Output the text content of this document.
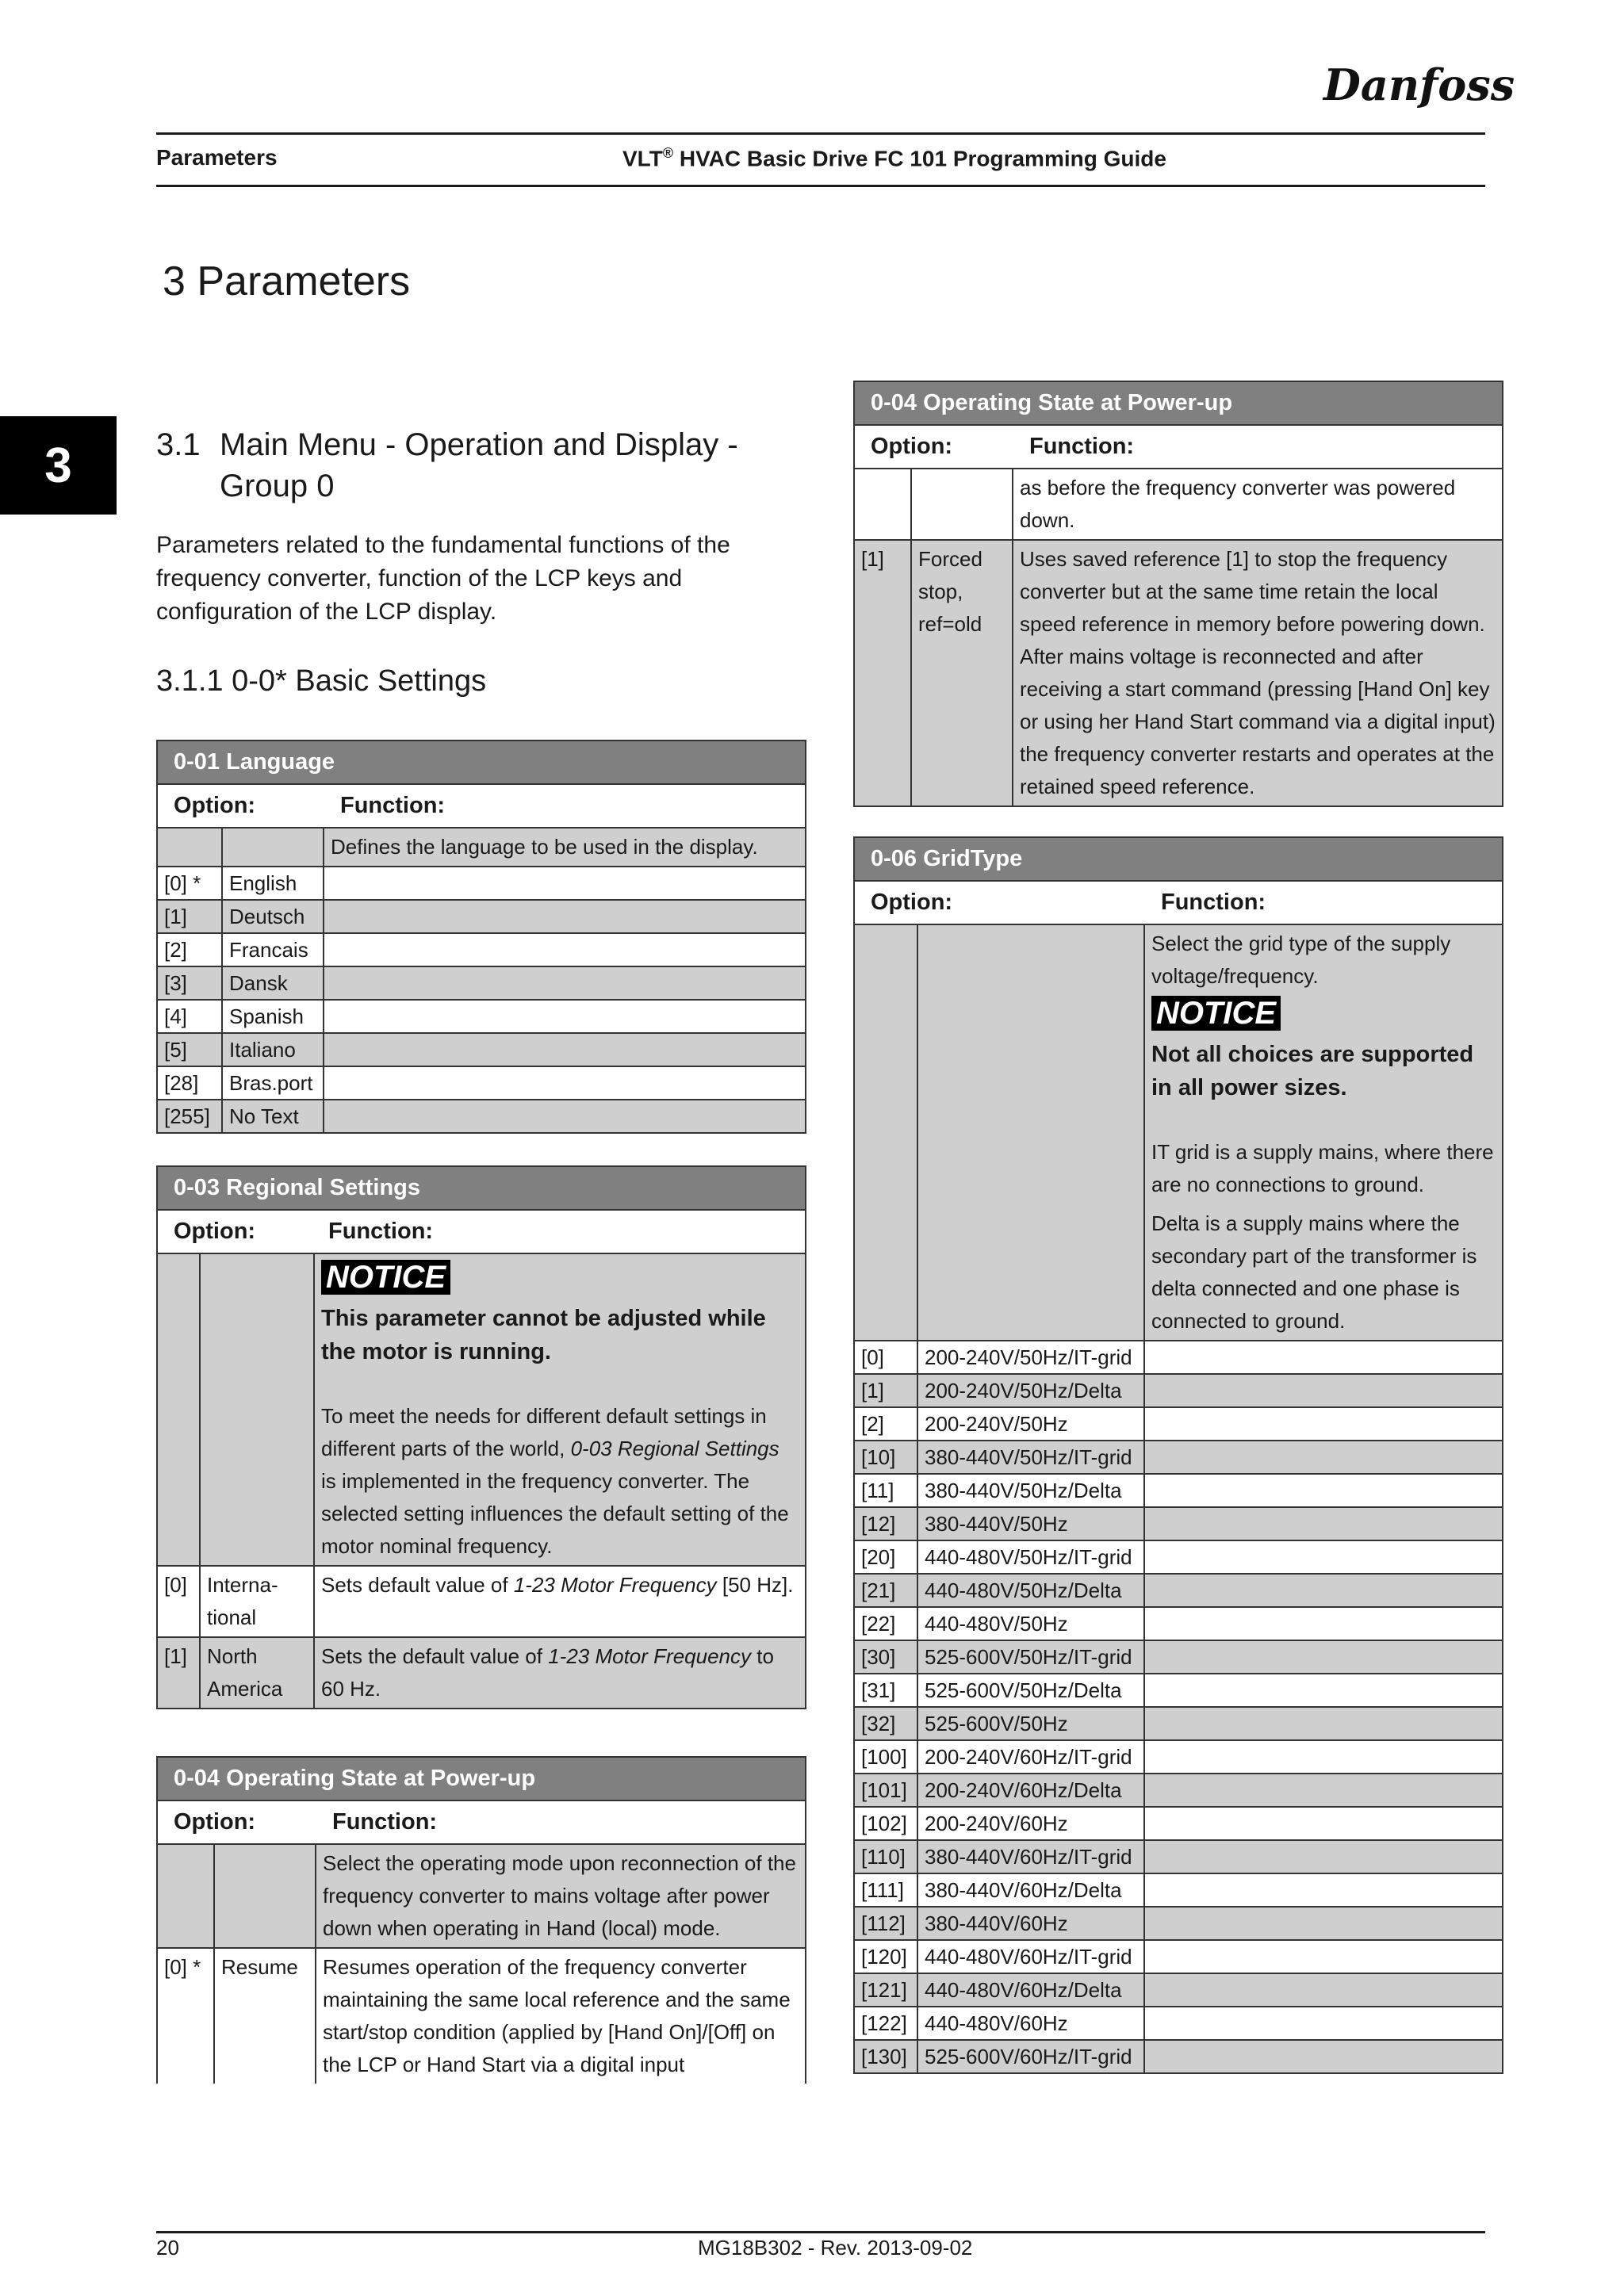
Danfoss
Parameters	VLT® HVAC Basic Drive FC 101 Programming Guide
3 Parameters
3	3.1 Main Menu - Operation and Display -
Group 0
Parameters related to the fundamental functions of the frequency converter, function of the LCP keys and configuration of the LCP display.
3.1.1 0-0* Basic Settings
0-01 Language		
Option: Function:		
		Defines the language to be used in the display.
[0] *	English	
[1]	Deutsch	
[2]	Francais	
[3]	Dansk	
[4]	Spanish	
[5]	Italiano	
[28]	Bras.port	
[255]	No Text	
0-03 Regional Settings		
Option: Function:		
		NOTICE
This parameter cannot be adjusted while the motor is running.
To meet the needs for different default settings in different parts of the world, 0-03 Regional Settings is implemented in the frequency converter. The selected setting influences the default setting of the motor nominal frequency.

[0]	Interna-tional	Sets default value of 1-23 Motor Frequency [50 Hz].
[1]	North America	Sets the default value of 1-23 Motor Frequency to 60 Hz.
0-04 Operating State at Power-up		
Option: Function:		
		Select the operating mode upon reconnection of the frequency converter to mains voltage after power down when operating in Hand (local) mode.
[0] *	Resume	Resumes operation of the frequency converter maintaining the same local reference and the same start/stop condition (applied by [Hand On]/[Off] on the LCP or Hand Start via a digital input
0-04 Operating State at Power-up		
Option: Function:		
		as before the frequency converter was powered down.
[1]	Forced stop, ref=old	Uses saved reference [1] to stop the frequency converter but at the same time retain the local speed reference in memory before powering down. After mains voltage is reconnected and after receiving a start command (pressing [Hand On] key or using her Hand Start command via a digital input) the frequency converter restarts and operates at the retained speed reference.
0-06 GridType		
Option: Function:		

		Select the grid type of the supply voltage/frequency.
NOTICE
Not all choices are supported in all power sizes.
IT grid is a supply mains, where there are no connections to ground.
Delta is a supply mains where the secondary part of the transformer is delta connected and one phase is connected to ground.

[0]	200-240V/50Hz/IT-grid	
[1]	200-240V/50Hz/Delta	
[2]	200-240V/50Hz	
[10]	380-440V/50Hz/IT-grid	
[11]	380-440V/50Hz/Delta	
[12]	380-440V/50Hz	
[20]	440-480V/50Hz/IT-grid	
[21]	440-480V/50Hz/Delta	
[22]	440-480V/50Hz	
[30]	525-600V/50Hz/IT-grid	
[31]	525-600V/50Hz/Delta	
[32]	525-600V/50Hz	
[100]	200-240V/60Hz/IT-grid	
[101]	200-240V/60Hz/Delta	
[102]	200-240V/60Hz	
[110]	380-440V/60Hz/IT-grid	
[111]	380-440V/60Hz/Delta	
[112]	380-440V/60Hz	
[120]	440-480V/60Hz/IT-grid	
[121]	440-480V/60Hz/Delta	
[122]	440-480V/60Hz	
[130]	525-600V/60Hz/IT-grid	
20	MG18B302 - Rev. 2013-09-02
